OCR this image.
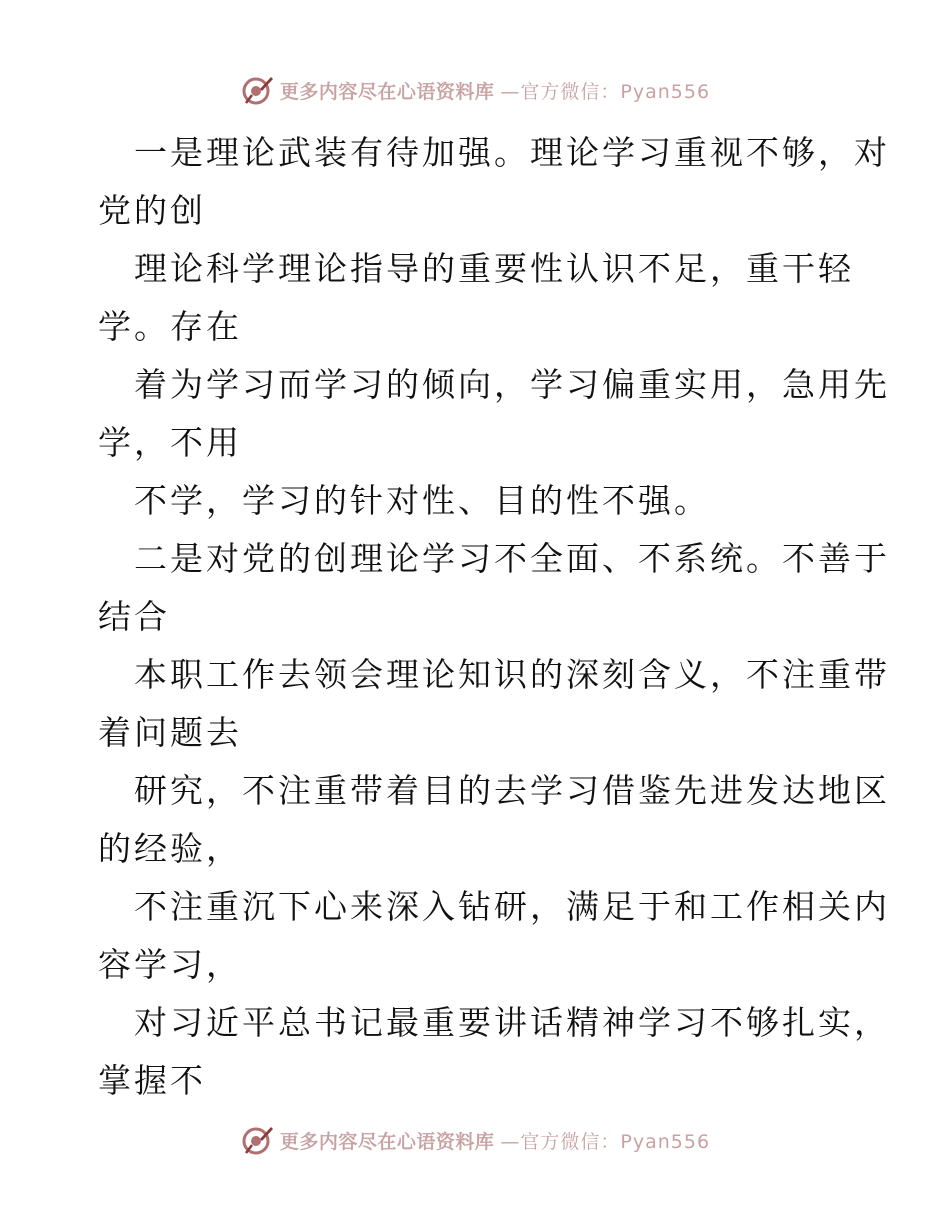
更多内容尽在心语资料库 —官方微信：Pyan556
一是理论武装有待加强。理论学习重视不够，对
党的创
理论科学理论指导的重要性认识不足，重干轻
学。存在
着为学习而学习的倾向，学习偏重实用，急用先
学，不用
不学，学习的针对性、目的性不强。
二是对党的创理论学习不全面、不系统。不善于
结合
本职工作去领会理论知识的深刻含义，不注重带
着问题去
研究，不注重带着目的去学习借鉴先进发达地区
的经验，
不注重沉下心来深入钻研，满足于和工作相关内
容学习，
对习近平总书记最重要讲话精神学习不够扎实，
掌握不
更多内容尽在心语资料库 —官方微信：Pyan556
